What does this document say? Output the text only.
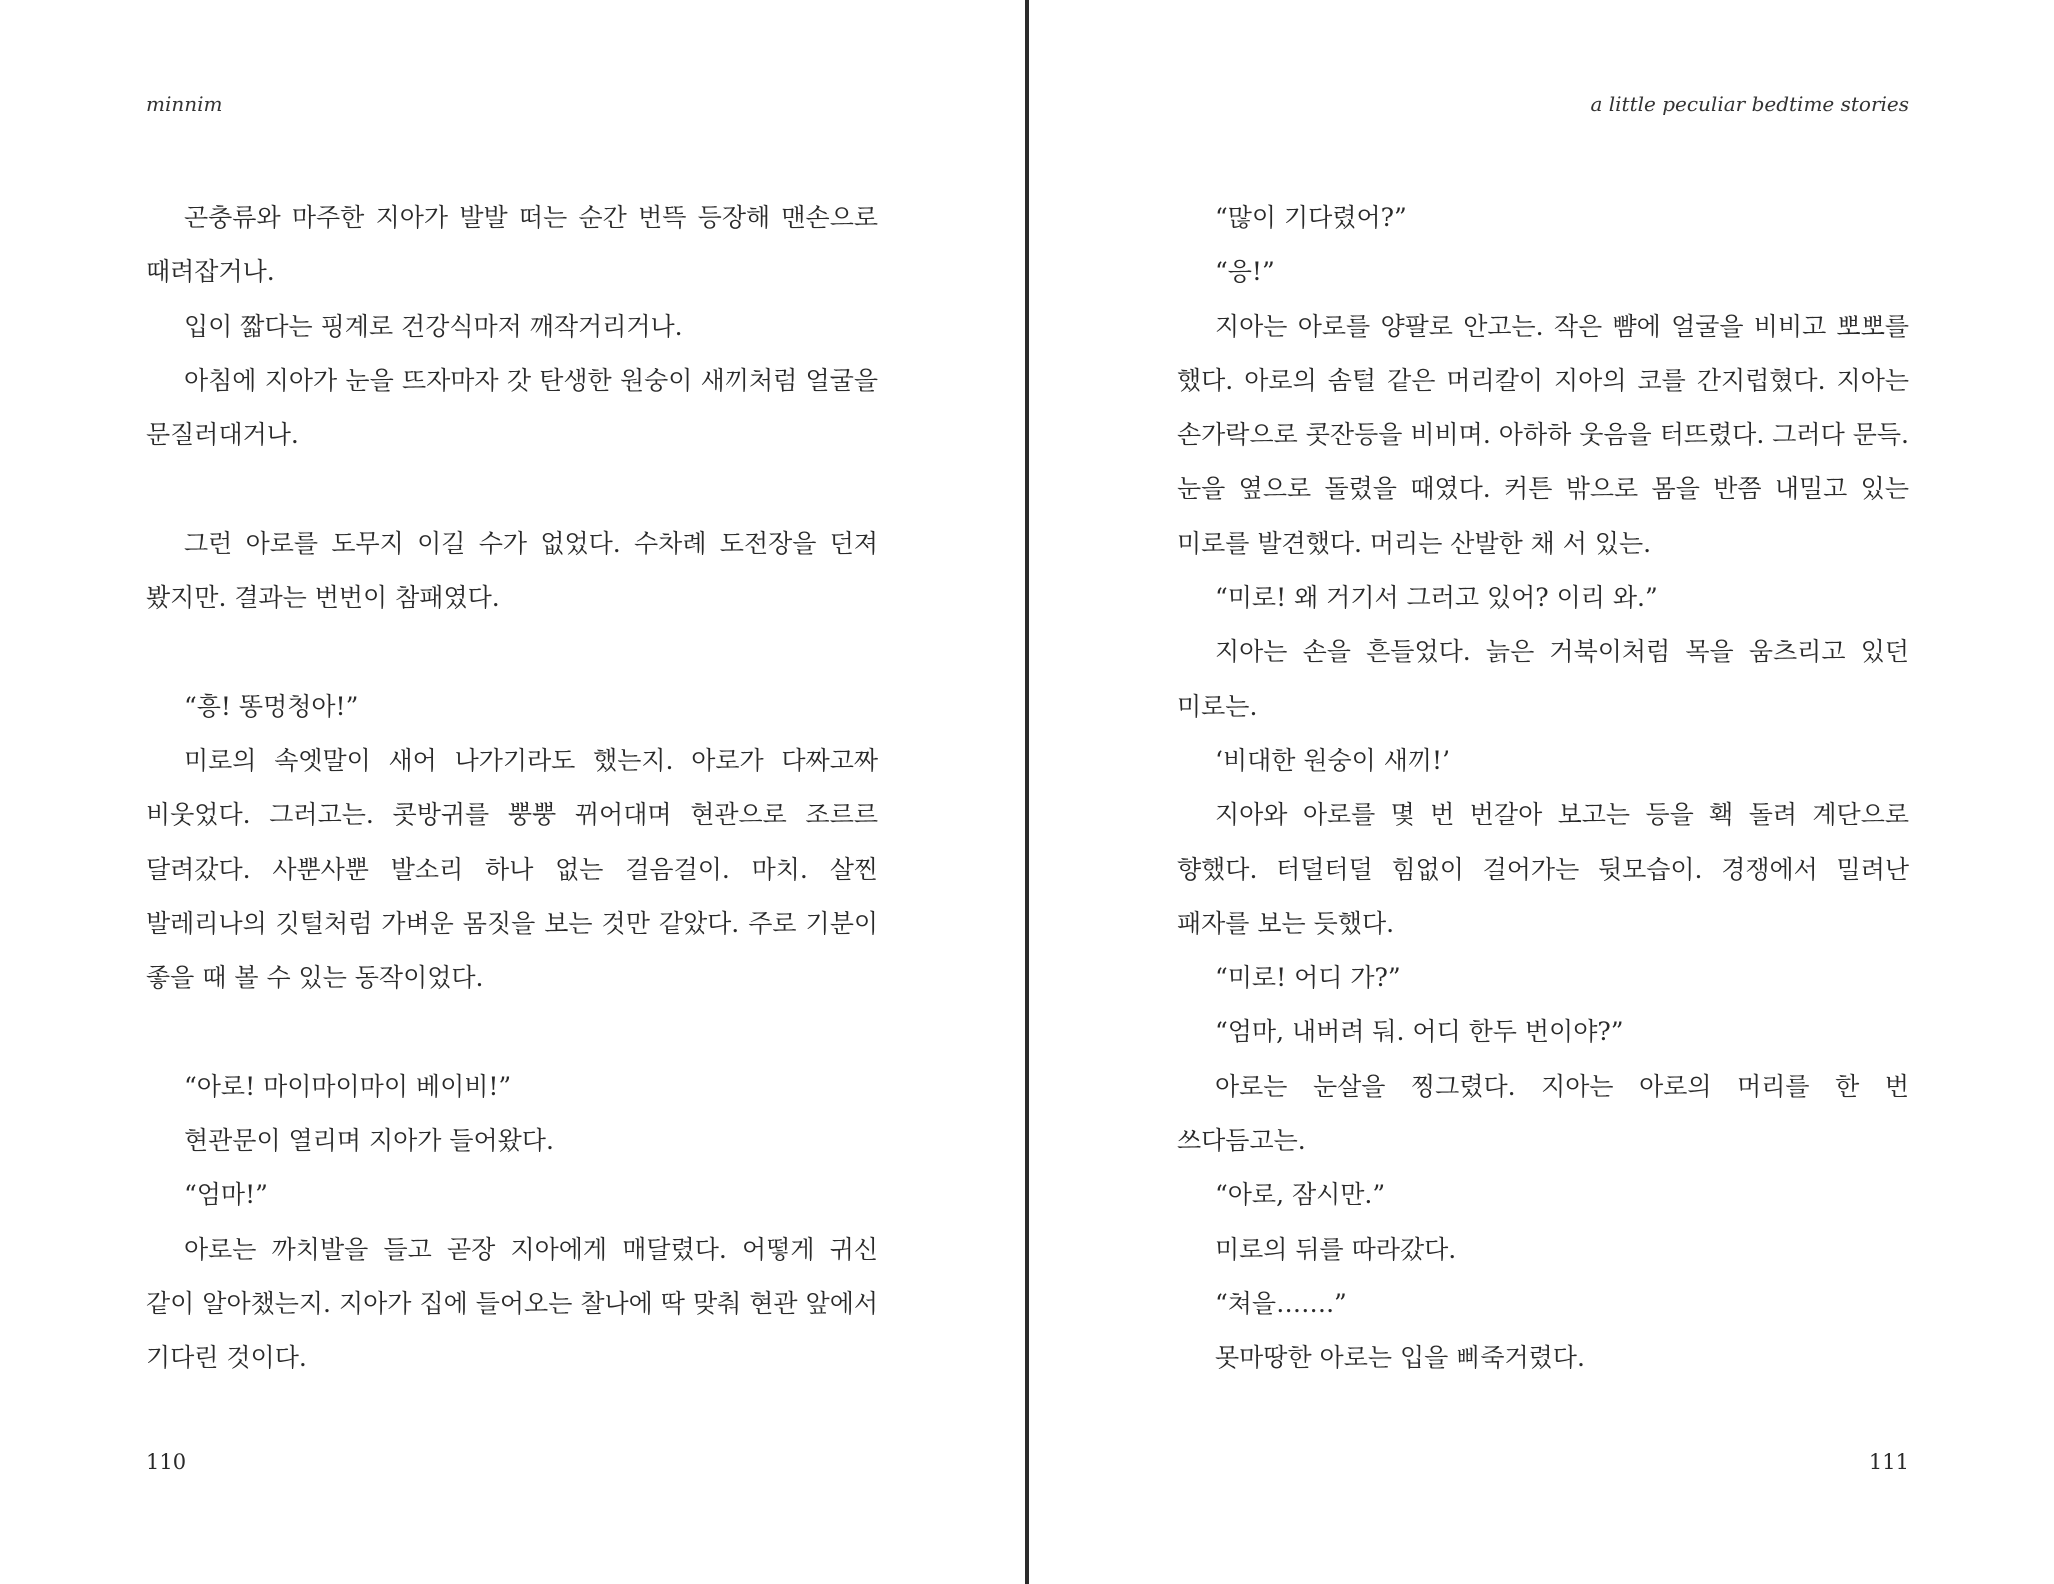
minnim

곤충류와 마주한 지아가 발발 떠는 순간 번뜩 등장해 맨손으로 때려잡거나.

입이 짧다는 핑계로 건강식마저 깨작거리거나.

아침에 지아가 눈을 뜨자마자 갓 탄생한 원숭이 새끼처럼 얼굴을 문질러대거나.

그런 아로를 도무지 이길 수가 없었다. 수차례 도전장을 던져 봤지만. 결과는 번번이 참패였다.

“흥! 똥멍청아!”

미로의 속엣말이 새어 나가기라도 했는지. 아로가 다짜고짜 비웃었다. 그러고는. 콧방귀를 뿡뿡 뀌어대며 현관으로 조르르 달려갔다. 사뿐사뿐 발소리 하나 없는 걸음걸이. 마치. 살찐 발레리나의 깃털처럼 가벼운 몸짓을 보는 것만 같았다. 주로 기분이 좋을 때 볼 수 있는 동작이었다.

“아로! 마이마이마이 베이비!”

현관문이 열리며 지아가 들어왔다.

“엄마!”

아로는 까치발을 들고 곧장 지아에게 매달렸다. 어떻게 귀신 같이 알아챘는지. 지아가 집에 들어오는 찰나에 딱 맞춰 현관 앞에서 기다린 것이다.

110
a little peculiar bedtime stories

“많이 기다렸어?”

“응!”

지아는 아로를 양팔로 안고는. 작은 뺨에 얼굴을 비비고 뽀뽀를 했다. 아로의 솜털 같은 머리칼이 지아의 코를 간지럽혔다. 지아는 손가락으로 콧잔등을 비비며. 아하하 웃음을 터뜨렸다. 그러다 문득. 눈을 옆으로 돌렸을 때였다. 커튼 밖으로 몸을 반쯤 내밀고 있는 미로를 발견했다. 머리는 산발한 채 서 있는.

“미로! 왜 거기서 그러고 있어? 이리 와.”

지아는 손을 흔들었다. 늙은 거북이처럼 목을 움츠리고 있던 미로는.

‘비대한 원숭이 새끼!’

지아와 아로를 몇 번 번갈아 보고는 등을 홱 돌려 계단으로 향했다. 터덜터덜 힘없이 걸어가는 뒷모습이. 경쟁에서 밀려난 패자를 보는 듯했다.

“미로! 어디 가?”

“엄마, 내버려 둬. 어디 한두 번이야?”

아로는 눈살을 찡그렸다. 지아는 아로의 머리를 한 번 쓰다듬고는.

“아로, 잠시만.”

미로의 뒤를 따라갔다.

“쳐을…….”

못마땅한 아로는 입을 삐죽거렸다.

111
